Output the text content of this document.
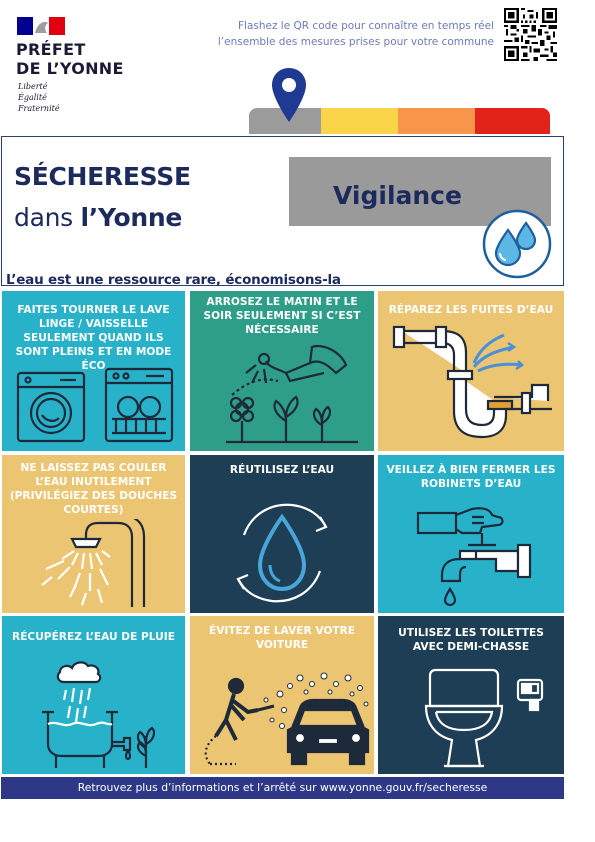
PRÉFET
DE L’YONNE
Liberté
Égalité
Fraternité
Flashez le QR code pour connaître en temps réel
l’ensemble des mesures prises pour votre commune
SÉCHERESSE
dans l’Yonne
Vigilance
L’eau est une ressource rare, économisons-la
FAITES TOURNER LE LAVE LINGE / VAISSELLE SEULEMENT QUAND ILS SONT PLEINS ET EN MODE ÉCO
ARROSEZ LE MATIN ET LE SOIR SEULEMENT SI C’EST NÉCESSAIRE
RÉPAREZ LES FUITES D’EAU
NE LAISSEZ PAS COULER L’EAU INUTILEMENT (PRIVILÉGIEZ DES DOUCHES COURTES)
RÉUTILISEZ L’EAU	VEILLEZ À BIEN FERMER LES ROBINETS D’EAU
RÉCUPÉREZ L’EAU DE PLUIE	ÉVITEZ DE LAVER VOTRE VOITURE
UTILISEZ LES TOILETTES AVEC DEMI-CHASSE
Retrouvez plus d’informations et l’arrêté sur www.yonne.gouv.fr/secheresse
